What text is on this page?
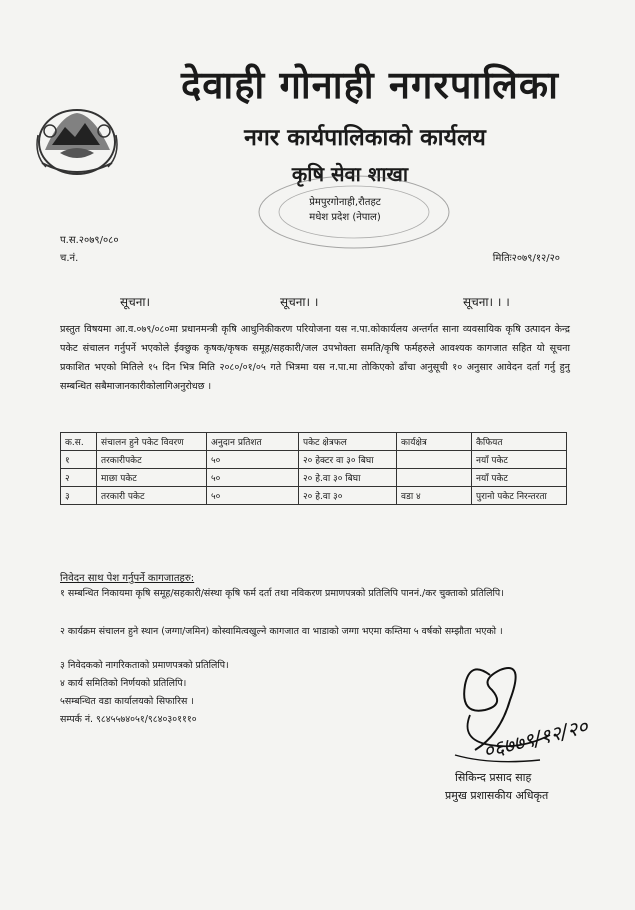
देवाही गोनाही नगरपालिका
नगर कार्यपालिकाको कार्यलय
कृषि सेवा शाखा
प्रेमपुरगोनाही,रौतहट
मधेश प्रदेश (नेपाल)
प.स.२०७९/०८०
च.नं.	मितिः२०७९/१२/२०
सूचना।	सूचना। ।	सूचना। । ।
प्रस्तुत विषयमा आ.व.०७९/०८०मा प्रधानमन्त्री कृषि आधुनिकीकरण परियोजना यस न.पा.कोकार्यलय अन्तर्गत साना व्यवसायिक कृषि उत्पादन केन्द्र पकेट संचालन गर्नुपर्ने भएकोले ईक्छुक कृषक/कृषक समूह/सहकारी/जल उपभोक्ता समति/कृषि फर्महरुले आवश्यक कागजात सहित यो सूचना प्रकाशित भएको मितिले १५ दिन भित्र मिति २०८०/०१/०५ गते भित्रमा यस न.पा.मा तोकिएको ढाँचा अनुसूची १० अनुसार आवेदन दर्ता गर्नु हुनु सम्बन्धित सबैमाजानकारीकोलागिअनुरोधछ ।
क.स.	संचालन हुने पकेट विवरण	अनुदान प्रतिशत	पकेट क्षेत्रफल	कार्यक्षेत्र	कैफियत
१	तरकारीपकेट	५०	२० हेक्टर वा ३० बिघा		नयाँ पकेट
२	माछा पकेट	५०	२० हे.वा ३० बिघा		नयाँ पकेट
३	तरकारी पकेट	५०	२० हे.वा ३०	वडा ४	पुरानो पकेट निरन्तरता
निवेदन साथ पेश गर्नुपर्ने कागजातहरु:
१ सम्बन्धित निकायमा कृषि समूह/सहकारी/संस्था कृषि फर्म दर्ता तथा नविकरण प्रमाणपत्रको प्रतिलिपि पाननं./कर चुक्ताको प्रतिलिपि।
२ कार्यक्रम संचालन हुने स्थान (जग्गा/जमिन) कोस्वामित्वखुल्ने कागजात वा भाडाको जग्गा भएमा कम्तिमा ५ वर्षको सम्झौता भएको ।
३ निवेदकको नागरिकताको प्रमाणपत्रको प्रतिलिपि।
४ कार्य समितिको निर्णयको प्रतिलिपि।
५सम्बन्धित वडा कार्यालयको सिफारिस ।
सम्पर्क नं. ९८४५५७४०५१/९८४०३०१११०	०६७७९/१२/२०
सिकिन्द प्रसाद साह
प्रमुख प्रशासकीय अधिकृत
